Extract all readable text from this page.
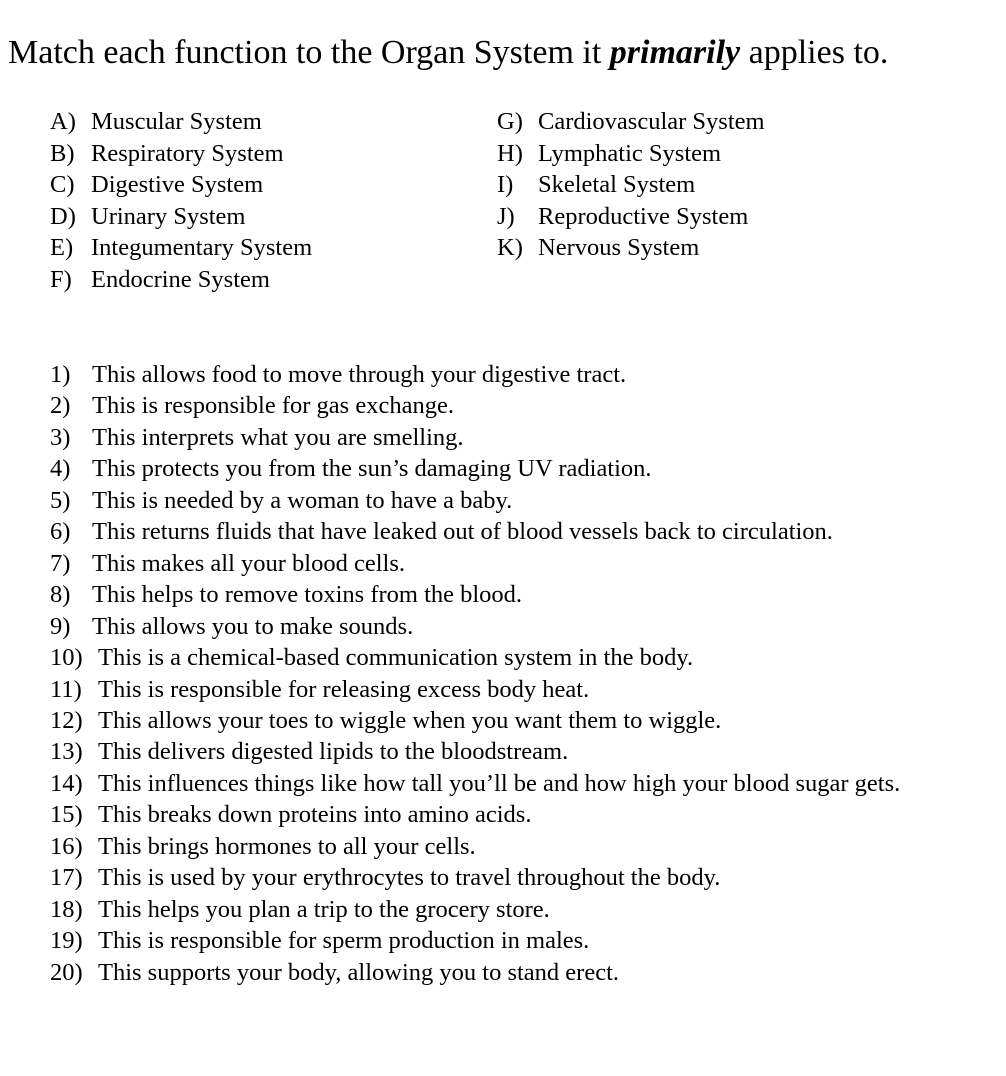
Match each function to the Organ System it primarily applies to.
A) Muscular System
B) Respiratory System
C) Digestive System
D) Urinary System
E) Integumentary System
F) Endocrine System
G) Cardiovascular System
H) Lymphatic System
I) Skeletal System
J) Reproductive System
K) Nervous System
1) This allows food to move through your digestive tract.
2) This is responsible for gas exchange.
3) This interprets what you are smelling.
4) This protects you from the sun’s damaging UV radiation.
5) This is needed by a woman to have a baby.
6) This returns fluids that have leaked out of blood vessels back to circulation.
7) This makes all your blood cells.
8) This helps to remove toxins from the blood.
9) This allows you to make sounds.
10) This is a chemical-based communication system in the body.
11) This is responsible for releasing excess body heat.
12) This allows your toes to wiggle when you want them to wiggle.
13) This delivers digested lipids to the bloodstream.
14) This influences things like how tall you’ll be and how high your blood sugar gets.
15) This breaks down proteins into amino acids.
16) This brings hormones to all your cells.
17) This is used by your erythrocytes to travel throughout the body.
18) This helps you plan a trip to the grocery store.
19) This is responsible for sperm production in males.
20) This supports your body, allowing you to stand erect.
